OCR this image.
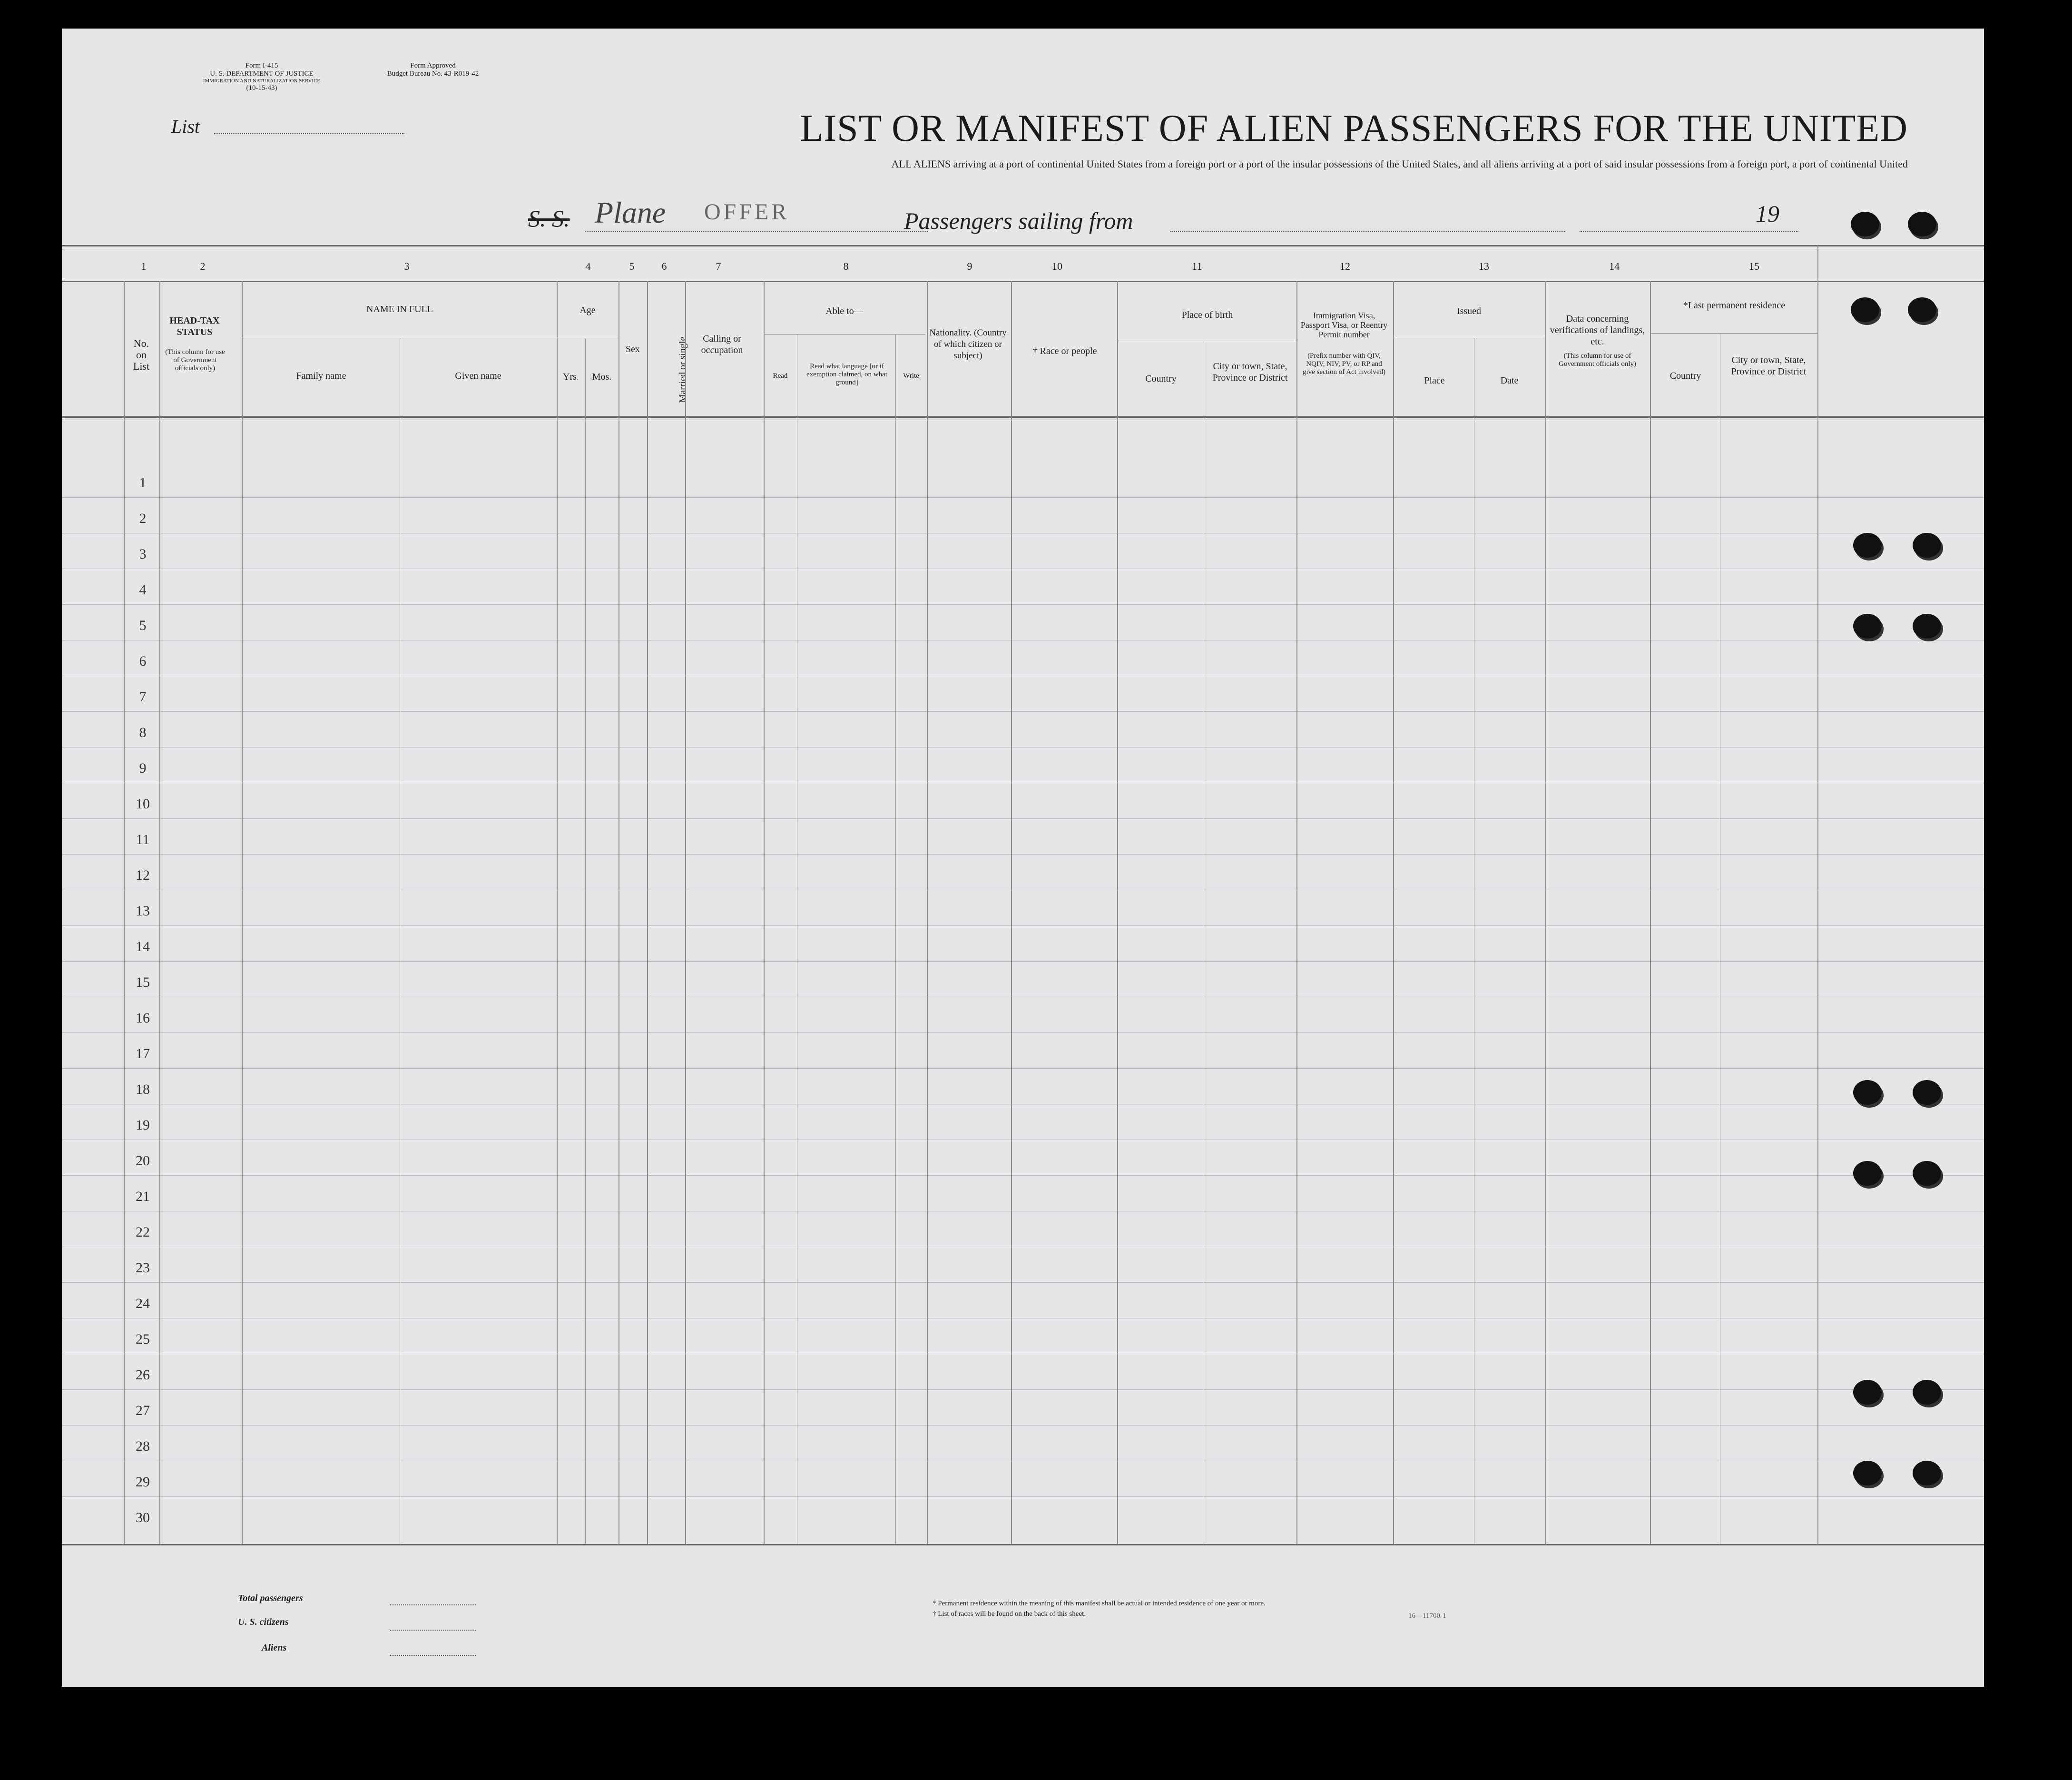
Form I-415
U. S. DEPARTMENT OF JUSTICE
IMMIGRATION AND NATURALIZATION SERVICE
(10-15-43)
Form Approved
Budget Bureau No. 43-R019-42
List	LIST OR MANIFEST OF ALIEN PASSENGERS FOR THE UNITED
ALL ALIENS arriving at a port of continental United States from a foreign port or a port of the insular possessions of the United States, and all aliens arriving at a port of said insular possessions from a foreign port, a port of continental United
S. S. Plane OFFER	Passengers sailing from	19
1	2	3	4	5	6	7	8	9	10	11	12	13	14	15
No. on List
HEAD-TAX STATUS
(This column for use of Government officials only)
NAME IN FULL
Family name	Given name
Age
Yrs.	Mos.
Sex	Married or single	Calling or occupation
Able to—
Read
Read what language [or if exemption claimed, on what ground]
Write
Nationality. (Country of which citizen or subject)	† Race or people
Place of birth
Country
City or town, State, Province or District
Immigration Visa, Passport Visa, or Reentry Permit number
(Prefix number with QIV, NQIV, NIV, PV, or RP and give section of Act involved)
Issued
Place	Date
Data concerning verifications of landings, etc.
(This column for use of Government officials only)
*Last permanent residence
Country
City or town, State, Province or District
1
2
3
4
5
6
7
8
9
10
11
12
13
14
15
16
17
18
19
20
21
22
23
24
25
26
27
28
29
30
Total passengers
U. S. citizens
Aliens
* Permanent residence within the meaning of this manifest shall be actual or intended residence of one year or more.
† List of races will be found on the back of this sheet.	16—11700-1
